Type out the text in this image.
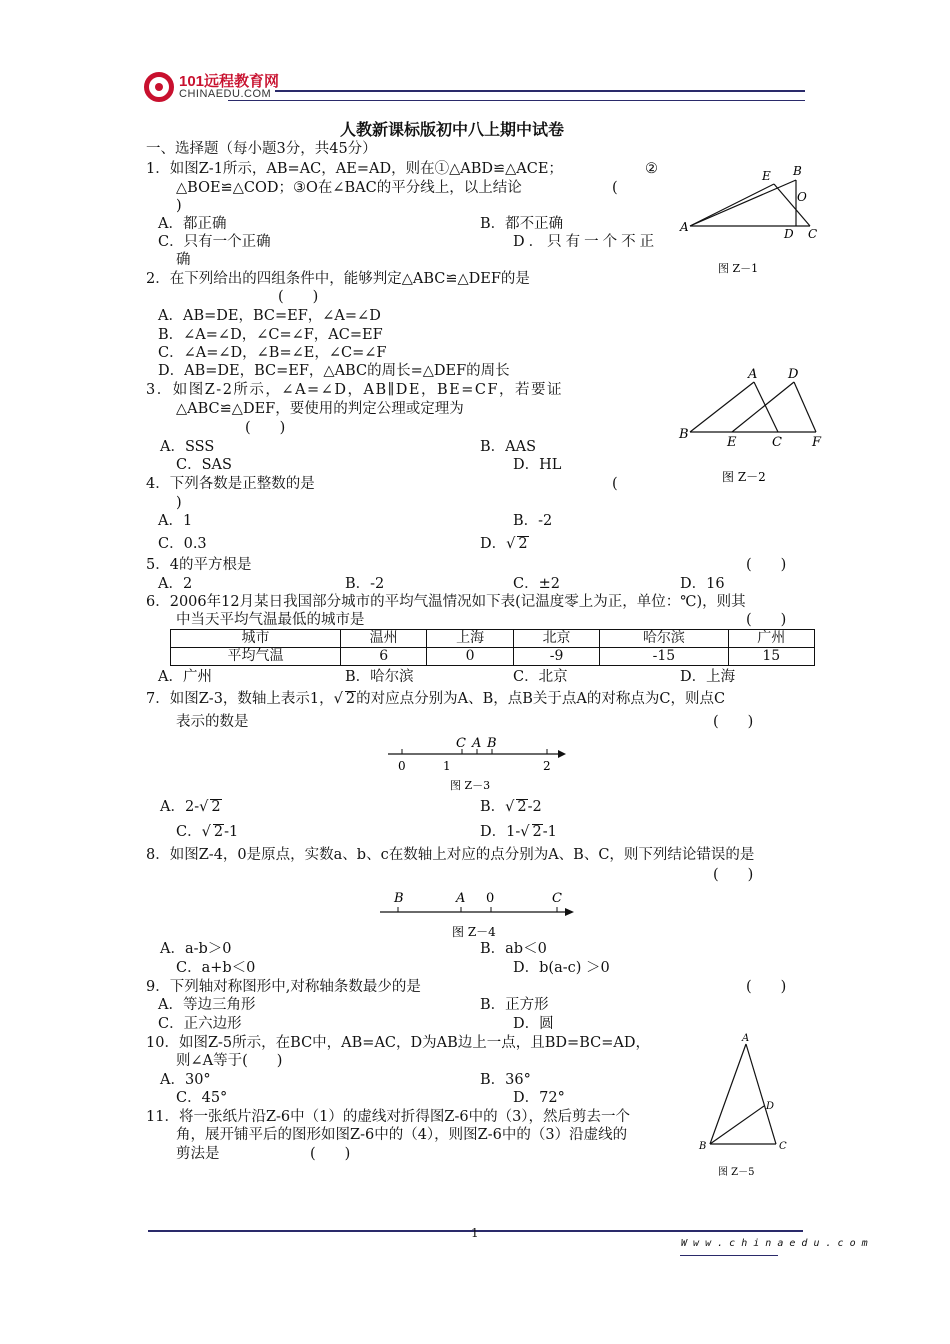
101远程教育网
CHINAEDU.COM
人教新课标版初中八上期中试卷
一、选择题（每小题3分，共45分）
1．如图Z-1所示，AB=AC，AE=AD，则在①△ABD≌△ACE；	②
△BOE≌△COD；③O在∠BAC的平分线上，以上结论	(
)
A．都正确	B．都不正确
C．只有一个正确	D．只有一个不正
确
A
E B
O
D C
图 Z－1
2．在下列给出的四组条件中，能够判定△ABC≌△DEF的是
(　　)
A．AB=DE，BC=EF，∠A=∠D
B．∠A=∠D，∠C=∠F，AC=EF
C．∠A=∠D，∠B=∠E，∠C=∠F
D．AB=DE，BC=EF，△ABC的周长=△DEF的周长
3．如图Z-2所示，∠A=∠D，AB∥DE，BE=CF，若要证
△ABC≌△DEF，要使用的判定公理或定理为
(　　)
A．SSS	B．AAS
C．SAS	D．HL
A D
B
E	C F
图 Z－2
4．下列各数是正整数的是	(
)
A．1	B．-2
C．0.3	D．√ 2
5．4的平方根是	(　　)
A．2	B．-2	C．±2	D．16
6．2006年12月某日我国部分城市的平均气温情况如下表(记温度零上为正，单位：℃)，则其
中当天平均气温最低的城市是	(　　)
城市	温州	上海	北京	哈尔滨	广州
平均气温	6	0	-9	-15	15
A．广州	B．哈尔滨	C．北京	D．上海
7．如图Z-3，数轴上表示1，√ 2的对应点分别为A、B，点B关于点A的对称点为C，则点C
表示的数是	(　　)
C A B
0	1	2
图 Z－3
A．2-√ 2	B．√ 2-2
C．√ 2-1	D．1-√ 2-1
8．如图Z-4，0是原点，实数a、b、c在数轴上对应的点分别为A、B、C，则下列结论错误的是
(　　)
B	A 0	C
图 Z－4
A．a-b＞0	B．ab＜0
C．a+b＜0	D．b(a-c) ＞0
9．下列轴对称图形中,对称轴条数最少的是	(　　)
A．等边三角形	B．正方形
C．正六边形	D．圆
10．如图Z-5所示，在BC中，AB=AC，D为AB边上一点，且BD=BC=AD，
则∠A等于(　　)
A．30°	B．36°
C．45°	D．72°
A
D
B	C
图 Z－5
11．将一张纸片沿Z-6中（1）的虚线对折得图Z-6中的（3），然后剪去一个
角，展开铺平后的图形如图Z-6中的（4），则图Z-6中的（3）沿虚线的
剪法是	(　　)
1
W w w . c h i n a e d u . c o m
